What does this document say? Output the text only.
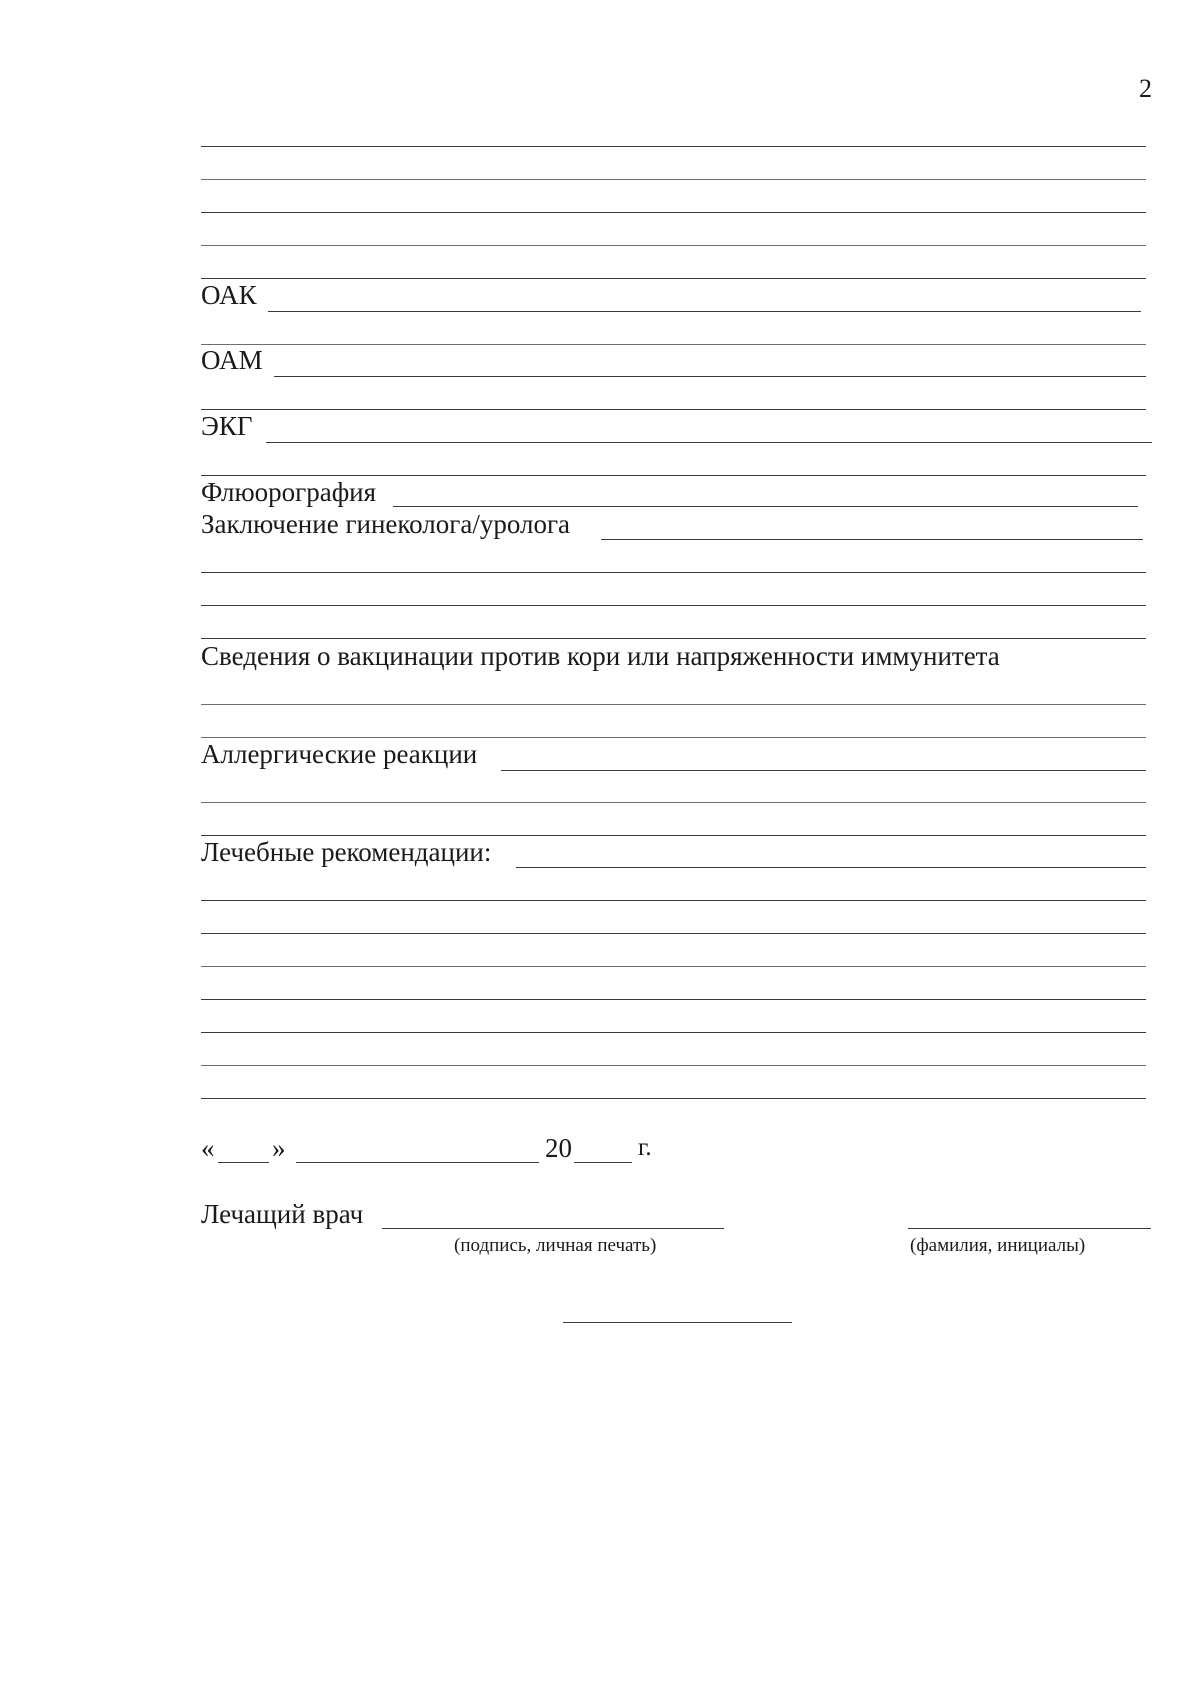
2
ОАК
ОАМ
ЭКГ
Флюорография
Заключение гинеколога/уролога
Сведения о вакцинации против кори или напряженности иммунитета
Аллергические реакции
Лечебные рекомендации:
« »	20	г.
Лечащий врач
(подпись, личная печать)	(фамилия, инициалы)
